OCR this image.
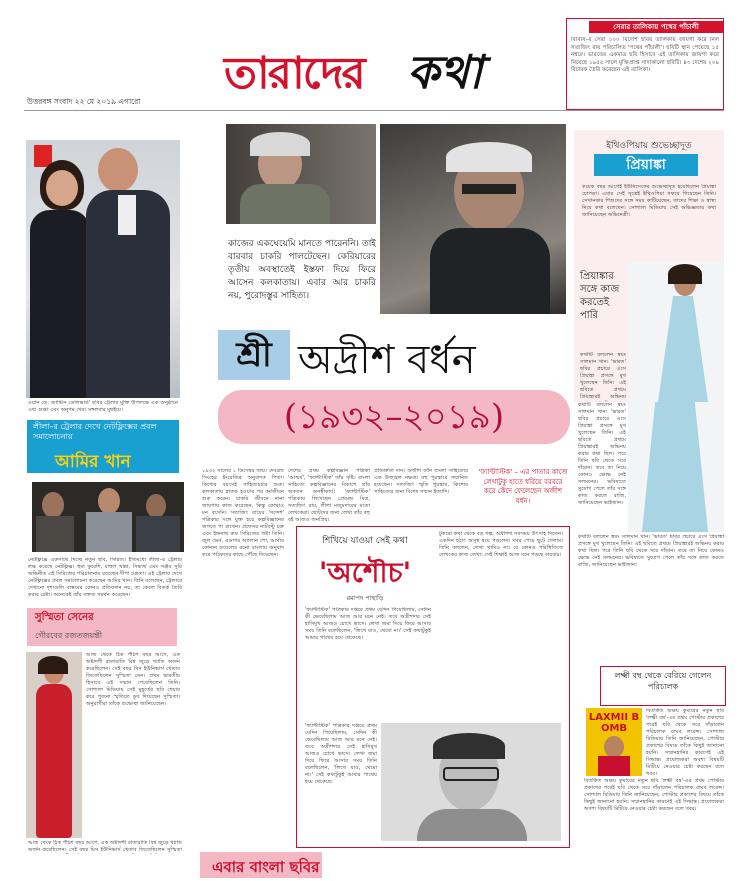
তারাদের কথা
উত্তরবঙ্গ সংবাদ ২২ মে ২০১৯ এগারো
সেরার তালিকায় পথের পাঁচালী
বিবিসি–র সেরা ১০০ বিদেশি ছবির তালিকায় জায়গা করে নিল সত্যজিৎ রায় পরিচালিত 'পথের পাঁচালী'। ছবিটি স্থান পেয়েছে ১৫ নম্বরে। ভারতের একমাত্র ছবি হিসাবে এই তালিকায় জায়গা করে নিয়েছে ১৯৫৫ সালে মুক্তিপ্রাপ্ত সাদাকালো ছবিটি। ৪৩ দেশের ২০৯ বিচারক তৈরি করেছেন এই তালিকা।
ওয়ান ডে: জাস্টিস ডেলিভার্ড' ছবির ট্রেলার মুক্তি উপলক্ষে এক অনুষ্ঠানে এষা গুপ্তা এবং অনুপম খের। মঙ্গলবার মুম্বইয়ে।
লীলা–র ট্রেলার দেখে নেটফ্লিক্সের প্রবল সমালোচনায়
আমির খান
নেটফ্লিক্সে একসাথে দিচ্ছে নতুন ছবি, সিরিজ। ইতিমধ্যে লীলা–র ট্রেলার লক্ষ করেছে নেটফ্লিক্স। হুমা কুরেশি, রাহুল খান্না, সিদ্ধার্থ এবং সঞ্জয় সুরি অভিনীত এই সিরিজের পরিচালনায় রয়েছেন দীপা মেহতা। এই ট্রেলার দেখে নেটফ্লিক্সের প্রবল সমালোচনা করেছেন আমির খান। তিনি বলেছেন, ট্রেলারে দেখানো দৃশ্যগুলি বাস্তবের কোনও প্রতিফলন নয়, তা কেবল বিতর্ক তৈরি করার চেষ্টা। অনেকেই তাঁর বক্তব্য সমর্থন করেছেন।
সুস্মিতা সেনের
গৌরবের রজতজয়ন্তী
আজ থেকে ঠিক পঁচিশ বছর আগে, এক অষ্টাদশী রাতারাতি বিশ্ব জুড়ে খ্যাতি অর্জন করেছিলেন। সেই বছর মিস ইউনিভার্স খেতাব জিতেছিলেন সুস্মিতা সেন। প্রথম ভারতীয় হিসাবে এই সম্মান পেয়েছিলেন তিনি। সোশ্যাল মিডিয়ায় সেই মুহূর্তের ছবি শেয়ার করে পুরনো স্মৃতিতে ডুব দিয়েছেন সুস্মিতা। অনুরাগীরা তাঁকে শুভেচ্ছা জানিয়েছেন।
আজ থেকে ঠিক পঁচিশ বছর আগে, এক অষ্টাদশী রাতারাতি বিশ্ব জুড়ে খ্যাতি অর্জন করেছিলেন। সেই বছর মিস ইউনিভার্স খেতাব জিতেছিলেন সুস্মিতা
কাজের একঘেয়েমি মানতে পারেননি। তাই বারবার চাকরি পালটেছেন। কেরিয়ারের তৃতীয় অবস্থাতেই ইস্তফা দিয়ে ফিরে আসেন কলকাতায়। এবার আর চাকরি নয়, পুরোদস্তুর সাহিত্য।
শ্রী অদ্রীশ বর্ধন
(১৯৩২–২০১৯)
১৯৩২ সালের ১ ডিসেম্বর জন্ম। দেবব্রত সিংহের ইংরেজির অনুবাদক পিতা। কিশোর বয়সেই সাহিত্যচর্চার শুরু। কলকাতায় স্নাতক হওয়ার পর কর্মজীবন শুরু করেন। চাকরি জীবনে নানা জায়গায় কাজ করেছেন, কিন্তু কোথাও মন বসেনি। সত্যজিৎ রায়ের 'সন্দেশ' পত্রিকার সঙ্গে যুক্ত হয়ে কল্পবিজ্ঞানের জগতে পা রাখেন। প্রফেসর নাটবল্টু চক্র এবং ইন্দ্রনাথ রুদ্র সিরিজের স্রষ্টা তিনি। জুল ভের্ন, এডগার অ্যালান পো, আর্থার কোনান ডয়েলের রচনা বাংলায় অনুবাদ করে পাঠকদের কাছে পৌঁছে দিয়েছেন।
দেশের প্রথম কল্পবিজ্ঞান পত্রিকা 'আশ্চর্য', 'ফ্যান্টাস্টিক' তাঁর সৃষ্টি। বাংলা সাহিত্যে কল্পবিজ্ঞানের বিকাশে তাঁর অবদান অনস্বীকার্য। 'ফ্যান্টাস্টিক' পত্রিকায় লিখেছেন প্রেমেন্দ্র মিত্র, সত্যজিৎ রায়, লীলা মজুমদারের মতো লেখকেরা। ছোটদের জন্য লেখা তাঁর বহু বই আজও জনপ্রিয়।
প্রতিশ্রুতি দান। অজীশ বর্ধন বাংলা সাহিত্যের এক উজ্জ্বল নক্ষত্র। বহু পুরস্কারে সম্মানিত হয়েছেন। সত্যজিৎ স্মৃতি পুরস্কার, কিশোর সাহিত্যের জন্য বিশেষ সম্মান ইত্যাদি।
'ফ্যান্টাস্টিক' – এর পাতার কাজে লেখাটুকু হাতে ধরিয়ে বরবরে করে কেঁদে ফেলেছেন অজীশ বর্ধন।
শিখিয়ে যাওয়া সেই কথা
'অশৌচ'
রমাপদ পাহাড়ি
'ফ্যান্টাস্টিক' পত্রিকার দপ্তরে প্রথম যেদিন গিয়েছিলাম, সেদিন কী ভেবেছিলাম আজ আর মনে নেই। তবে অদ্রীশদার সেই হাসিমুখ আজও চোখে ভাসে। লেখা জমা দিয়ে ফিরে আসার সময় তিনি বলেছিলেন, 'লিখে যাও, থেমো না।' সেই কথাটুকুই আমার পাথেয় হয়ে থেকেছে।
টুকরো কথা থেকে বড় গল্প, অদ্রীশদা সবসময় উৎসাহ দিতেন। একদিন হঠাৎ অসুস্থ হয়ে পড়লেন। খবর পেয়ে ছুটে গেলাম। তিনি বললেন, লেখা থামিও না। যে কোনও পরিস্থিতিতে লেখকের কাজ লেখা। সেই শিক্ষাই আজ মনে পড়ছে বারবার।
'ফ্যান্টাস্টিক' পত্রিকার দপ্তরে প্রথম যেদিন গিয়েছিলাম, সেদিন কী ভেবেছিলাম আজ আর মনে নেই। তবে অদ্রীশদার সেই হাসিমুখ আজও চোখে ভাসে। লেখা জমা দিয়ে ফিরে আসার সময় তিনি বলেছিলেন, 'লিখে যাও, থেমো না।' সেই কথাটুকুই আমার পাথেয় হয়ে থেকেছে।
এবার বাংলা ছবির
ইথিওপিয়ায় শুভেচ্ছাদূত
প্রিয়াঙ্কা
কয়েক বছর আগেই ইউনিসেফের শুভেচ্ছাদূত হয়েছিলেন প্রিয়াঙ্কা চোপড়া। এবার সেই সূত্রেই ইথিওপিয়া সফরে গিয়েছেন তিনি। সেখানকার শিশুদের সঙ্গে সময় কাটিয়েছেন, তাদের শিক্ষা ও স্বাস্থ্য নিয়ে কথা বলেছেন। সোশ্যাল মিডিয়ায় সেই অভিজ্ঞতার কথা জানিয়েছেন অভিনেত্রী।
প্রিয়াঙ্কার সঙ্গে কাজ করতেই পারি
কথাটি বললেন স্বয়ং সালমান খান। 'ভারত' ছবির প্রচারে এসে প্রিয়াঙ্কা প্রসঙ্গে মুখ খুলেছেন তিনি। এই ছবিতে প্রথমে প্রিয়াঙ্কারই অভিনয়
কথাটি বললেন স্বয়ং সালমান খান। 'ভারত' ছবির প্রচারে এসে প্রিয়াঙ্কা প্রসঙ্গে মুখ খুলেছেন তিনি। এই ছবিতে প্রথমে প্রিয়াঙ্কারই অভিনয় করার কথা ছিল। পরে তিনি ছবি থেকে সরে দাঁড়ান। তবে তা নিয়ে কোনও ক্ষোভ নেই সলমনের। ভবিষ্যতে সুযোগ পেলে তাঁর সঙ্গে কাজ করতে রাজি, জানিয়েছেন ভাইজান।
কথাটি বললেন স্বয়ং সালমান খান। 'ভারত' ছবির প্রচারে এসে প্রিয়াঙ্কা প্রসঙ্গে মুখ খুলেছেন তিনি। এই ছবিতে প্রথমে প্রিয়াঙ্কারই অভিনয় করার কথা ছিল। পরে তিনি ছবি থেকে সরে দাঁড়ান। তবে তা নিয়ে কোনও ক্ষোভ নেই সলমনের। ভবিষ্যতে সুযোগ পেলে তাঁর সঙ্গে কাজ করতে রাজি, জানিয়েছেন ভাইজান।
লক্ষ্মী বম্ব থেকে বেরিয়ে গেলেন পরিচালক
LAXMII BOMB
বিতর্কিত অক্ষয় কুমারের নতুন ছবি 'লক্ষ্মী বম্ব'-এর প্রথম পোস্টার প্রকাশের পরেই ছবি থেকে সরে দাঁড়ালেন পরিচালক রাঘব লরেন্স। সোশ্যাল মিডিয়ায় তিনি জানিয়েছেন, পোস্টার প্রকাশের বিষয়ে তাঁকে কিছুই জানানো হয়নি। সম্মানহানির কারণেই এই সিদ্ধান্ত। প্রযোজকরা অবশ্য বিষয়টি মিটিয়ে নেওয়ার চেষ্টা করছেন বলে খবর।
বিতর্কিত অক্ষয় কুমারের নতুন ছবি 'লক্ষ্মী বম্ব'-এর প্রথম পোস্টার প্রকাশের পরেই ছবি থেকে সরে দাঁড়ালেন পরিচালক রাঘব লরেন্স। সোশ্যাল মিডিয়ায় তিনি জানিয়েছেন, পোস্টার প্রকাশের বিষয়ে তাঁকে কিছুই জানানো হয়নি। সম্মানহানির কারণেই এই সিদ্ধান্ত। প্রযোজকরা অবশ্য বিষয়টি মিটিয়ে নেওয়ার চেষ্টা করছেন বলে খবর।
